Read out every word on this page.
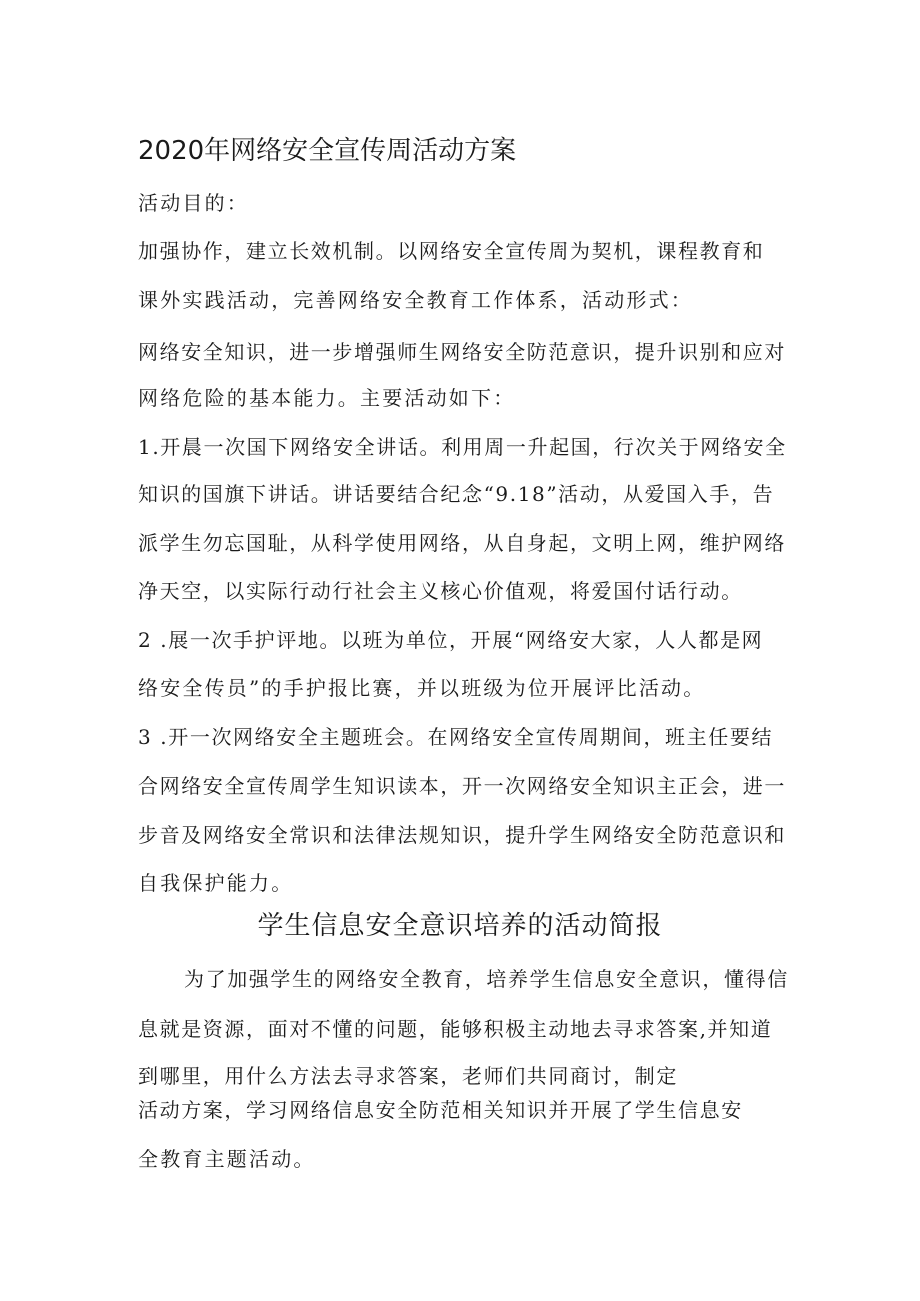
2020年网络安全宣传周活动方案
活动目的：
加强协作，建立长效机制。以网络安全宣传周为契机，课程教育和
课外实践活动，完善网络安全教育工作体系，活动形式：
网络安全知识，进一步增强师生网络安全防范意识，提升识别和应对
网络危险的基本能力。主要活动如下：
1.开晨一次国下网络安全讲话。利用周一升起国，行次关于网络安全
知识的国旗下讲话。讲话要结合纪念“9.18”活动，从爱国入手，告
派学生勿忘国耻，从科学使用网络，从自身起，文明上网，维护网络
净天空，以实际行动行社会主义核心价值观，将爱国付话行动。
2 .展一次手护评地。以班为单位，开展“网络安大家，人人都是网
络安全传员”的手护报比赛，并以班级为位开展评比活动。
3 .开一次网络安全主题班会。在网络安全宣传周期间，班主任要结
合网络安全宣传周学生知识读本，开一次网络安全知识主正会，进一
步音及网络安全常识和法律法规知识，提升学生网络安全防范意识和
自我保护能力。
学生信息安全意识培养的活动简报
为了加强学生的网络安全教育，培养学生信息安全意识，懂得信
息就是资源，面对不懂的问题，能够积极主动地去寻求答案,并知道
到哪里，用什么方法去寻求答案，老师们共同商讨，制定
活动方案，学习网络信息安全防范相关知识并开展了学生信息安
全教育主题活动。
